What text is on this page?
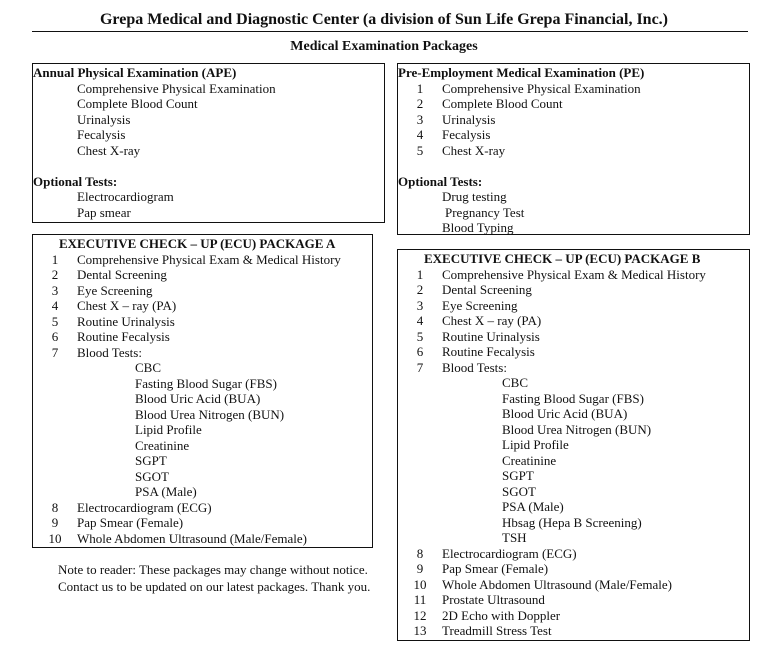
Grepa Medical and Diagnostic Center (a division of Sun Life Grepa Financial, Inc.)
Medical Examination Packages
Annual Physical Examination (APE)
Comprehensive Physical Examination
Complete Blood Count
Urinalysis
Fecalysis
Chest X-ray
Optional Tests:
Electrocardiogram
Pap smear
Pre-Employment Medical Examination (PE)
1	Comprehensive Physical Examination
2	Complete Blood Count
3	Urinalysis
4	Fecalysis
5	Chest X-ray
Optional Tests:
Drug testing
Pregnancy Test
Blood Typing
EXECUTIVE CHECK – UP (ECU) PACKAGE A
1	Comprehensive Physical Exam & Medical History
2	Dental Screening
3	Eye Screening
4	Chest X – ray (PA)
5	Routine Urinalysis
6	Routine Fecalysis
7	Blood Tests:
CBC
Fasting Blood Sugar (FBS)
Blood Uric Acid (BUA)
Blood Urea Nitrogen (BUN)
Lipid Profile
Creatinine
SGPT
SGOT
PSA (Male)
8	Electrocardiogram (ECG)
9	Pap Smear (Female)
10	Whole Abdomen Ultrasound (Male/Female)
EXECUTIVE CHECK – UP (ECU) PACKAGE B
1	Comprehensive Physical Exam & Medical History
2	Dental Screening
3	Eye Screening
4	Chest X – ray (PA)
5	Routine Urinalysis
6	Routine Fecalysis
7	Blood Tests:
CBC
Fasting Blood Sugar (FBS)
Blood Uric Acid (BUA)
Blood Urea Nitrogen (BUN)
Lipid Profile
Creatinine
SGPT
SGOT
PSA (Male)
Hbsag (Hepa B Screening)
TSH
8	Electrocardiogram (ECG)
9	Pap Smear (Female)
10	Whole Abdomen Ultrasound (Male/Female)
11	Prostate Ultrasound
12	2D Echo with Doppler
13	Treadmill Stress Test
Note to reader: These packages may change without notice. Contact us to be updated on our latest packages. Thank you.
